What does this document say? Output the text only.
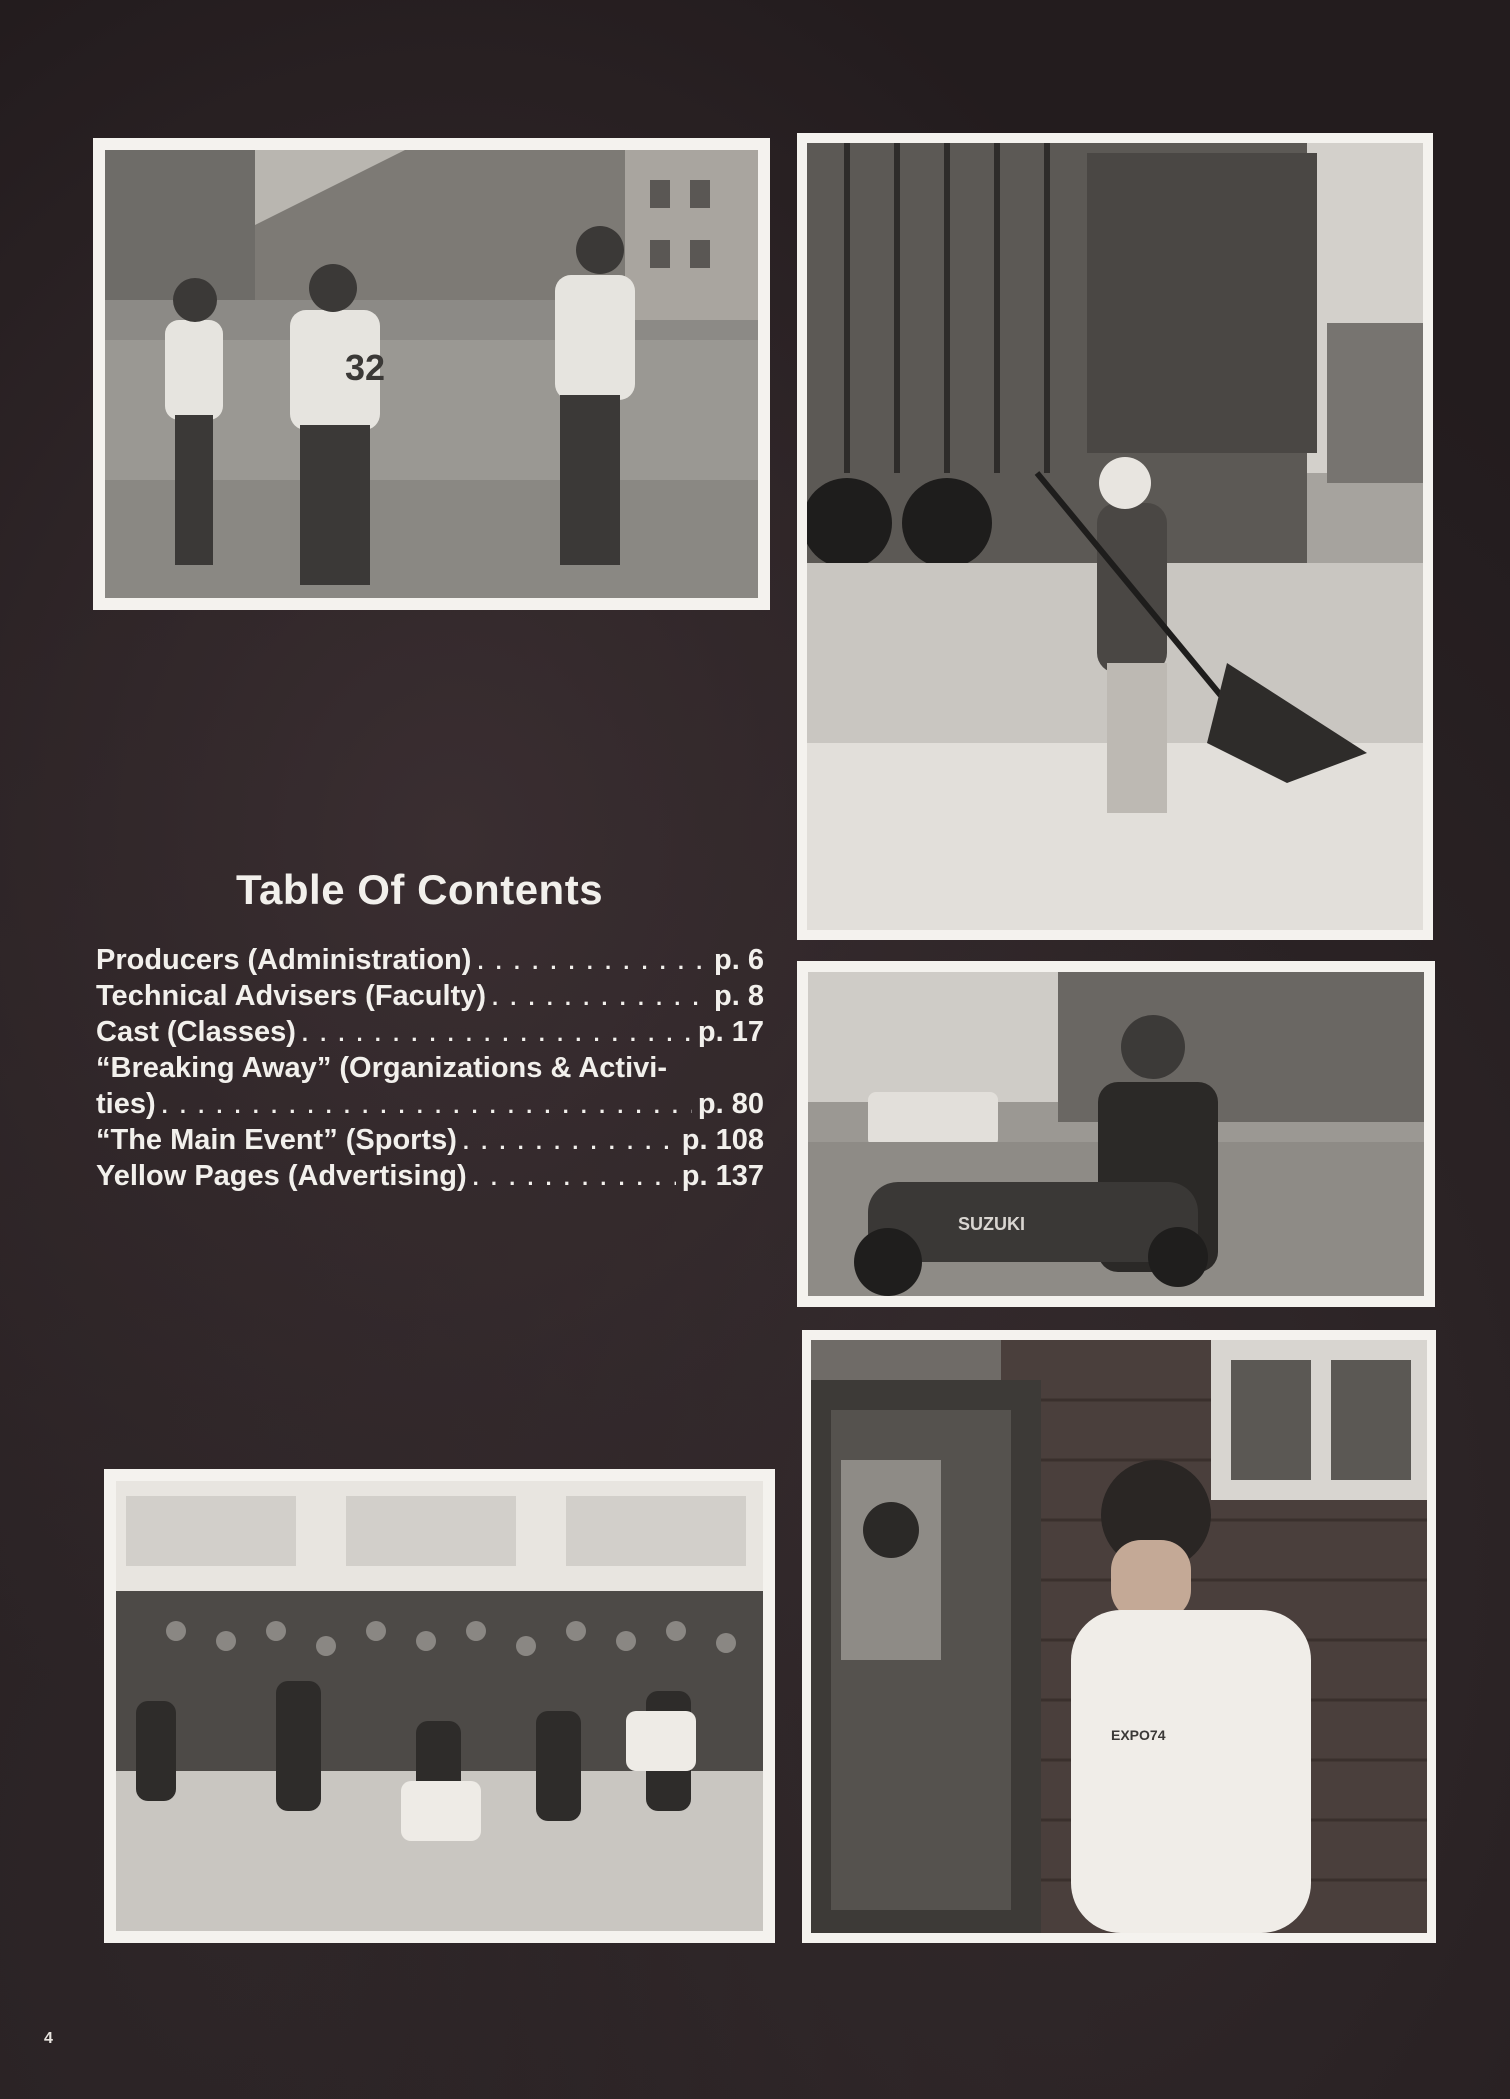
32
Table Of Contents
Producers (Administration) . . .	p. 6
Technical Advisers (Faculty) . . .	p. 8
Cast (Classes) . . .	p. 17
“Breaking Away” (Organizations & Activi-
ties) . . .	p. 80
“The Main Event” (Sports) . . .	p. 108
Yellow Pages (Advertising) . . .	p. 137
SUZUKI
EXPO74
4
